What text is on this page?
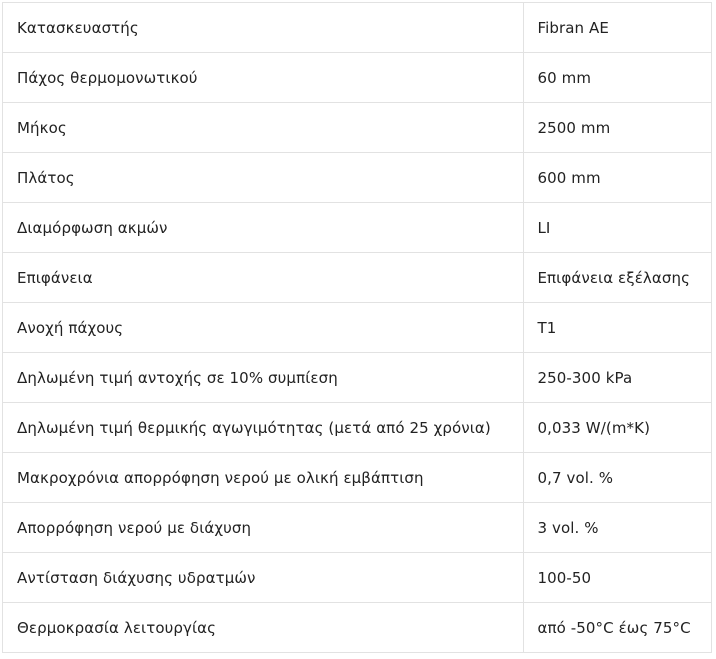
Κατασκευαστής	Fibran AE
Πάχος θερμομονωτικού	60 mm
Μήκος	2500 mm
Πλάτος	600 mm
Διαμόρφωση ακμών	LI
Επιφάνεια	Επιφάνεια εξέλασης
Ανοχή πάχους	T1
Δηλωμένη τιμή αντοχής σε 10% συμπίεση	250-300 kPa
Δηλωμένη τιμή θερμικής αγωγιμότητας (μετά από 25 χρόνια)	0,033 W/(m*K)
Μακροχρόνια απορρόφηση νερού με ολική εμβάπτιση	0,7 vol. %
Απορρόφηση νερού με διάχυση	3 vol. %
Αντίσταση διάχυσης υδρατμών	100-50
Θερμοκρασία λειτουργίας	από -50°C έως 75°C
